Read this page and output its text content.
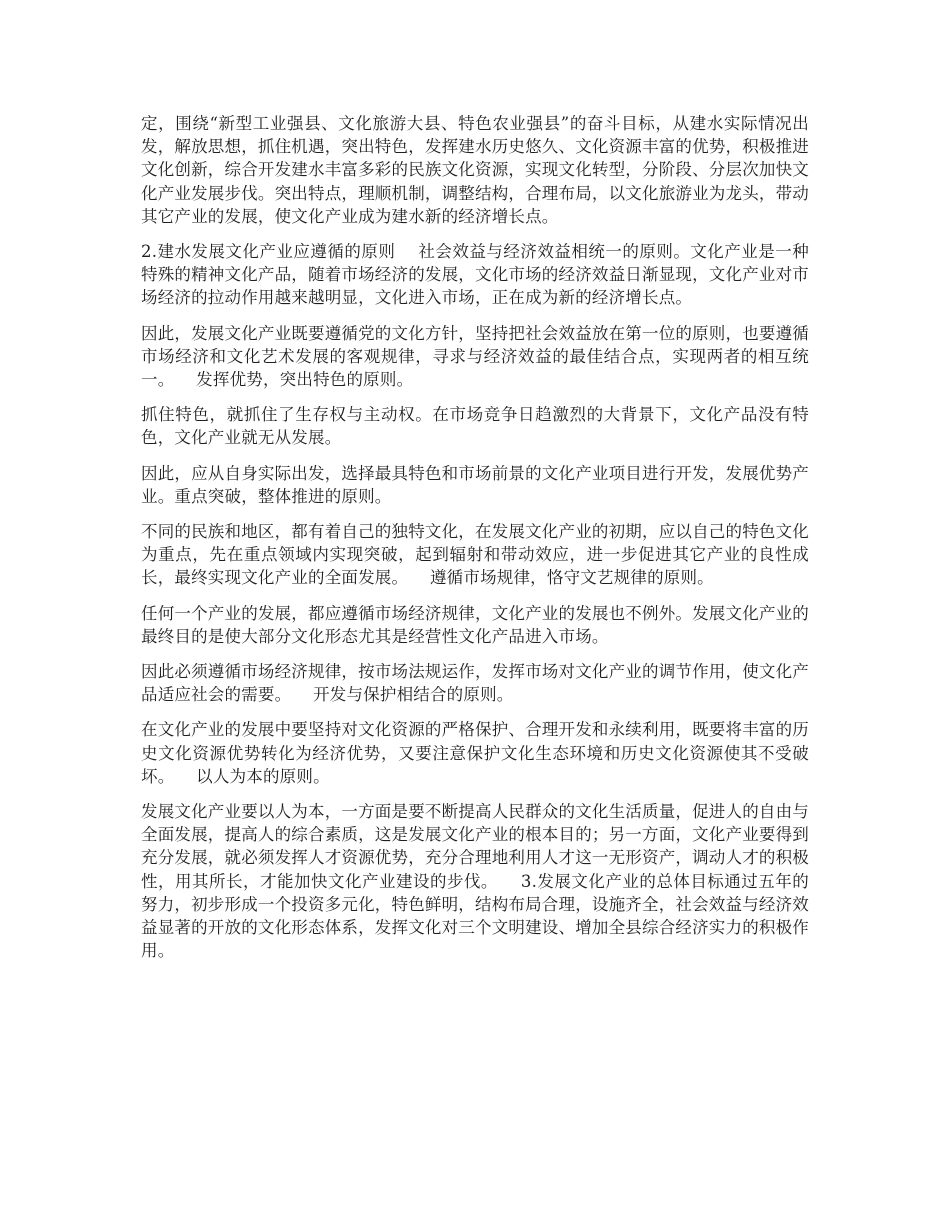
定，围绕“新型工业强县、文化旅游大县、特色农业强县”的奋斗目标，从建水实际情况出发，解放思想，抓住机遇，突出特色，发挥建水历史悠久、文化资源丰富的优势，积极推进文化创新，综合开发建水丰富多彩的民族文化资源，实现文化转型，分阶段、分层次加快文化产业发展步伐。突出特点，理顺机制，调整结构，合理布局，以文化旅游业为龙头，带动其它产业的发展，使文化产业成为建水新的经济增长点。

2.建水发展文化产业应遵循的原则    社会效益与经济效益相统一的原则。文化产业是一种特殊的精神文化产品，随着市场经济的发展，文化市场的经济效益日渐显现，文化产业对市场经济的拉动作用越来越明显，文化进入市场，正在成为新的经济增长点。

因此，发展文化产业既要遵循党的文化方针，坚持把社会效益放在第一位的原则，也要遵循市场经济和文化艺术发展的客观规律，寻求与经济效益的最佳结合点，实现两者的相互统一。    发挥优势，突出特色的原则。

抓住特色，就抓住了生存权与主动权。在市场竞争日趋激烈的大背景下，文化产品没有特色，文化产业就无从发展。

因此，应从自身实际出发，选择最具特色和市场前景的文化产业项目进行开发，发展优势产业。重点突破，整体推进的原则。

不同的民族和地区，都有着自己的独特文化，在发展文化产业的初期，应以自己的特色文化为重点，先在重点领域内实现突破，起到辐射和带动效应，进一步促进其它产业的良性成长，最终实现文化产业的全面发展。    遵循市场规律，恪守文艺规律的原则。

任何一个产业的发展，都应遵循市场经济规律，文化产业的发展也不例外。发展文化产业的最终目的是使大部分文化形态尤其是经营性文化产品进入市场。

因此必须遵循市场经济规律，按市场法规运作，发挥市场对文化产业的调节作用，使文化产品适应社会的需要。    开发与保护相结合的原则。

在文化产业的发展中要坚持对文化资源的严格保护、合理开发和永续利用，既要将丰富的历史文化资源优势转化为经济优势，又要注意保护文化生态环境和历史文化资源使其不受破坏。    以人为本的原则。

发展文化产业要以人为本，一方面是要不断提高人民群众的文化生活质量，促进人的自由与全面发展，提高人的综合素质，这是发展文化产业的根本目的；另一方面，文化产业要得到充分发展，就必须发挥人才资源优势，充分合理地利用人才这一无形资产，调动人才的积极性，用其所长，才能加快文化产业建设的步伐。    3.发展文化产业的总体目标通过五年的努力，初步形成一个投资多元化，特色鲜明，结构布局合理，设施齐全，社会效益与经济效益显著的开放的文化形态体系，发挥文化对三个文明建设、增加全县综合经济实力的积极作用。
